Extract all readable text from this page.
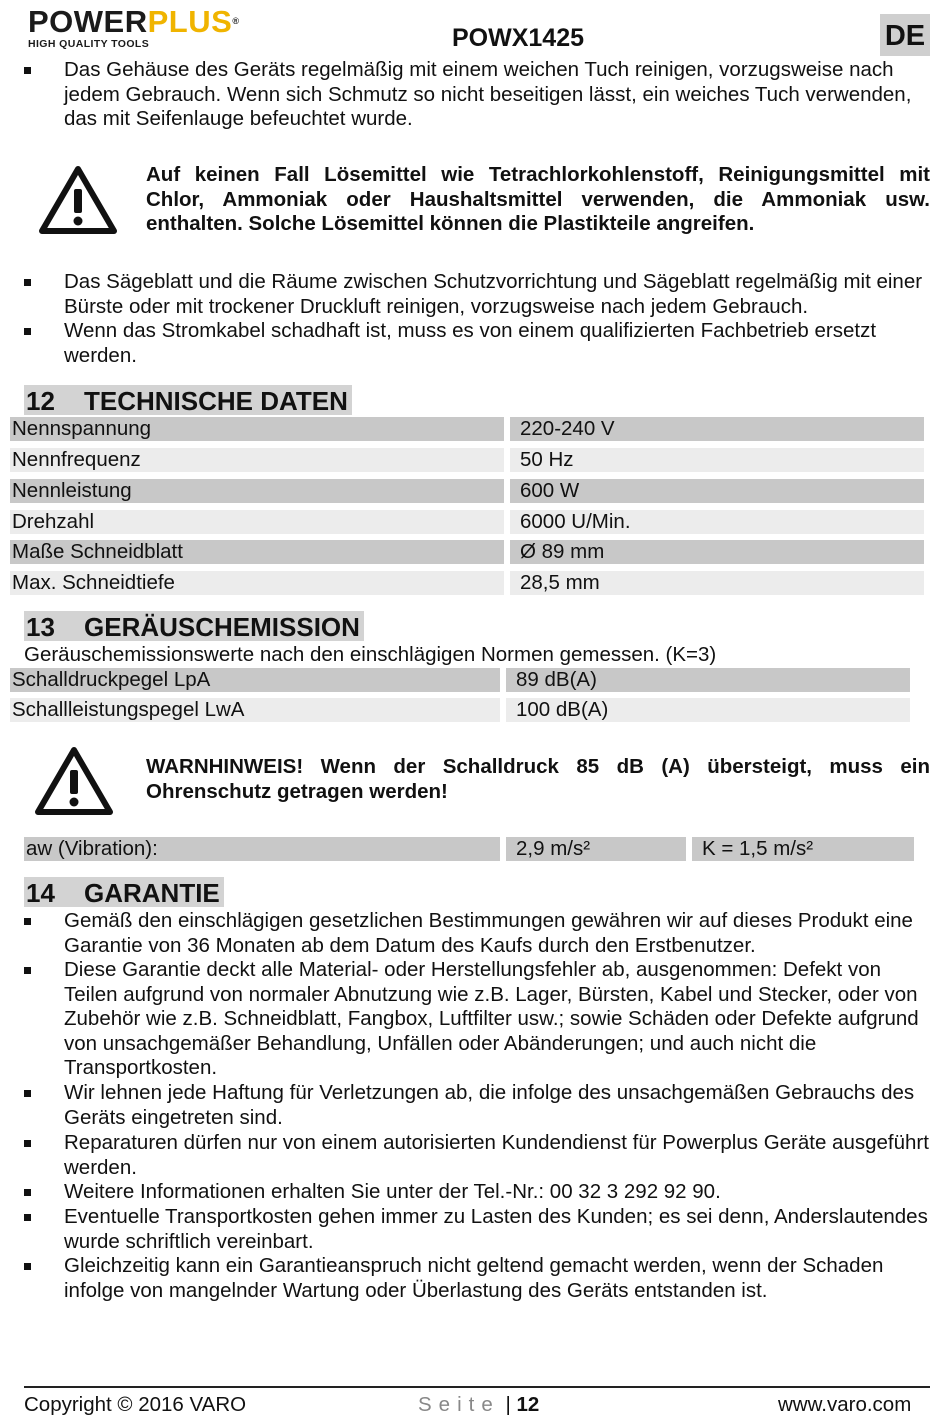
POWERPLUS®
HIGH QUALITY TOOLS	POWX1425	DE
Das Gehäuse des Geräts regelmäßig mit einem weichen Tuch reinigen, vorzugsweise nach jedem Gebrauch. Wenn sich Schmutz so nicht beseitigen lässt, ein weiches Tuch verwenden, das mit Seifenlauge befeuchtet wurde.
Auf keinen Fall Lösemittel wie Tetrachlorkohlenstoff, Reinigungsmittel mit Chlor, Ammoniak oder Haushaltsmittel verwenden, die Ammoniak usw. enthalten. Solche Lösemittel können die Plastikteile angreifen.
Das Sägeblatt und die Räume zwischen Schutzvorrichtung und Sägeblatt regelmäßig mit einer Bürste oder mit trockener Druckluft reinigen, vorzugsweise nach jedem Gebrauch.
Wenn das Stromkabel schadhaft ist, muss es von einem qualifizierten Fachbetrieb ersetzt werden.
12 TECHNISCHE DATEN
Nennspannung	220-240 V
Nennfrequenz	50 Hz
Nennleistung	600 W
Drehzahl	6000 U/Min.
Maße Schneidblatt	Ø 89 mm
Max. Schneidtiefe	28,5 mm
13 GERÄUSCHEMISSION
Geräuschemissionswerte nach den einschlägigen Normen gemessen. (K=3)
Schalldruckpegel LpA	89 dB(A)
Schallleistungspegel LwA	100 dB(A)
WARNHINWEIS! Wenn der Schalldruck 85 dB (A) übersteigt, muss ein Ohrenschutz getragen werden!
aw (Vibration):	2,9 m/s²	K = 1,5 m/s²
14 GARANTIE
Gemäß den einschlägigen gesetzlichen Bestimmungen gewähren wir auf dieses Produkt eine Garantie von 36 Monaten ab dem Datum des Kaufs durch den Erstbenutzer.
Diese Garantie deckt alle Material- oder Herstellungsfehler ab, ausgenommen: Defekt von Teilen aufgrund von normaler Abnutzung wie z.B. Lager, Bürsten, Kabel und Stecker, oder von Zubehör wie z.B. Schneidblatt, Fangbox, Luftfilter usw.; sowie Schäden oder Defekte aufgrund von unsachgemäßer Behandlung, Unfällen oder Abänderungen; und auch nicht die Transportkosten.
Wir lehnen jede Haftung für Verletzungen ab, die infolge des unsachgemäßen Gebrauchs des Geräts eingetreten sind.
Reparaturen dürfen nur von einem autorisierten Kundendienst für Powerplus Geräte ausgeführt werden.
Weitere Informationen erhalten Sie unter der Tel.-Nr.: 00 32 3 292 92 90.
Eventuelle Transportkosten gehen immer zu Lasten des Kunden; es sei denn, Anderslautendes wurde schriftlich vereinbart.
Gleichzeitig kann ein Garantieanspruch nicht geltend gemacht werden, wenn der Schaden infolge von mangelnder Wartung oder Überlastung des Geräts entstanden ist.
Copyright © 2016 VARO	Seite | 12	www.varo.com
